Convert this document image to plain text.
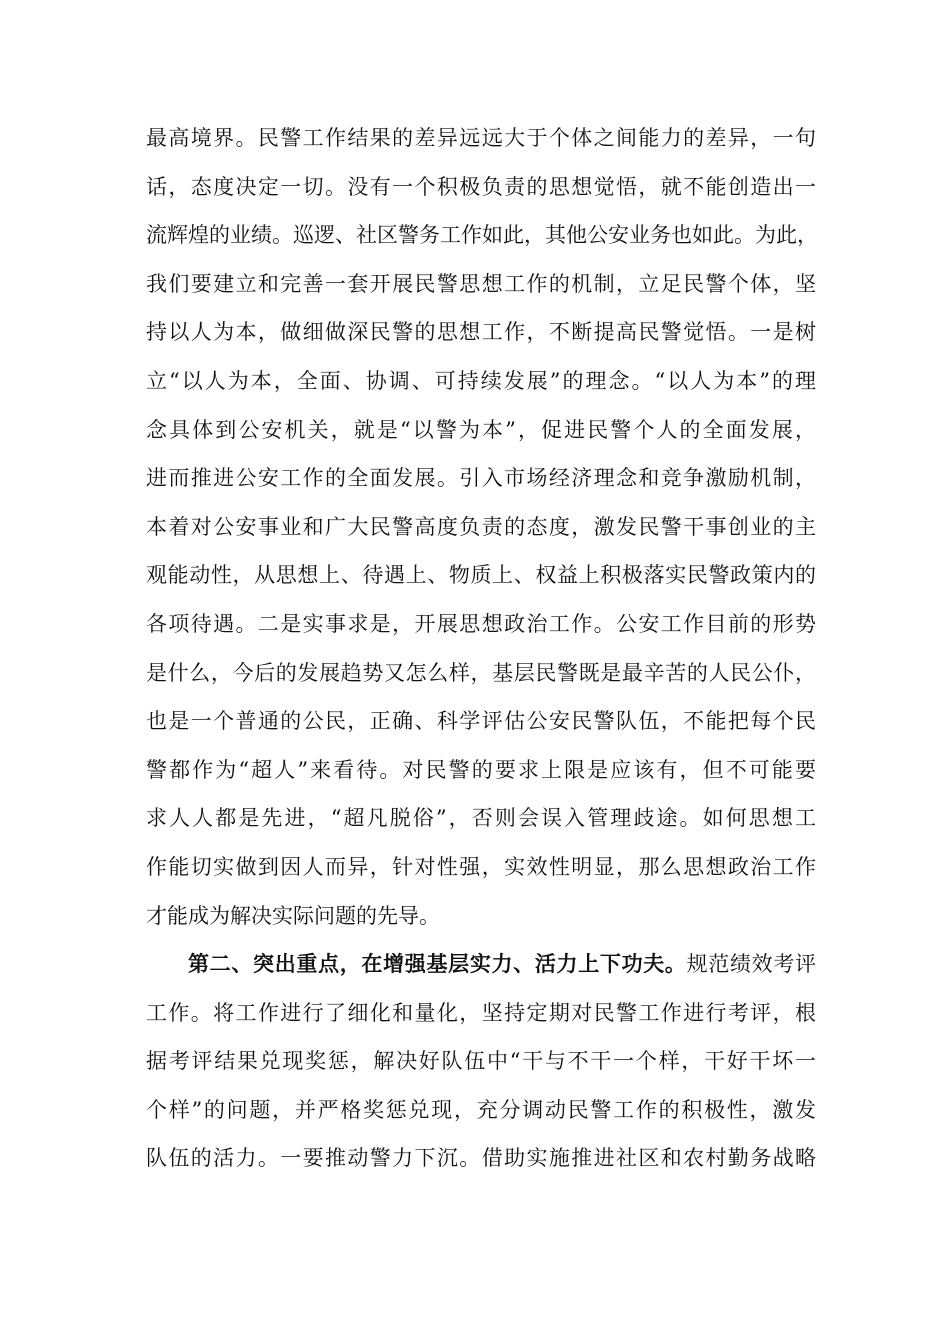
最高境界。民警工作结果的差异远远大于个体之间能力的差异，一句
话，态度决定一切。没有一个积极负责的思想觉悟，就不能创造出一
流辉煌的业绩。巡逻、社区警务工作如此，其他公安业务也如此。为此，
我们要建立和完善一套开展民警思想工作的机制，立足民警个体，坚
持以人为本，做细做深民警的思想工作，不断提高民警觉悟。一是树
立“以人为本，全面、协调、可持续发展”的理念。“以人为本”的理
念具体到公安机关，就是“以警为本”，促进民警个人的全面发展，
进而推进公安工作的全面发展。引入市场经济理念和竞争激励机制，
本着对公安事业和广大民警高度负责的态度，激发民警干事创业的主
观能动性，从思想上、待遇上、物质上、权益上积极落实民警政策内的
各项待遇。二是实事求是，开展思想政治工作。公安工作目前的形势
是什么，今后的发展趋势又怎么样，基层民警既是最辛苦的人民公仆，
也是一个普通的公民，正确、科学评估公安民警队伍，不能把每个民
警都作为“超人”来看待。对民警的要求上限是应该有，但不可能要
求人人都是先进，“超凡脱俗”，否则会误入管理歧途。如何思想工
作能切实做到因人而异，针对性强，实效性明显，那么思想政治工作
才能成为解决实际问题的先导。
第二、突出重点，在增强基层实力、活力上下功夫。规范绩效考评
工作。将工作进行了细化和量化，坚持定期对民警工作进行考评，根
据考评结果兑现奖惩，解决好队伍中“干与不干一个样，干好干坏一
个样”的问题，并严格奖惩兑现，充分调动民警工作的积极性，激发
队伍的活力。一要推动警力下沉。借助实施推进社区和农村勤务战略
